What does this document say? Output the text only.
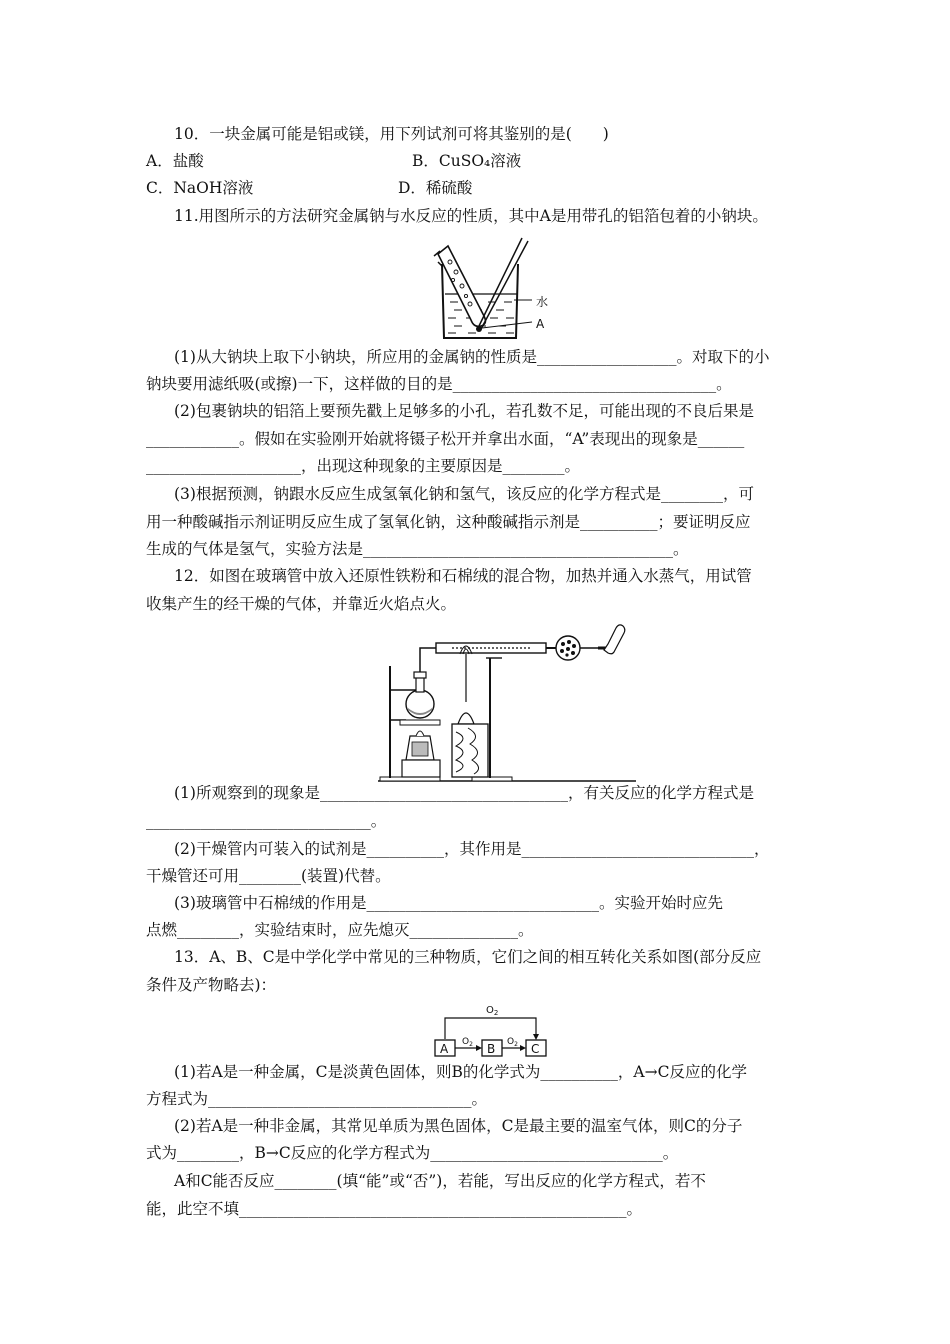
10．一块金属可能是铝或镁，用下列试剂可将其鉴别的是(　　)
A．盐酸	B．CuSO₄溶液
C．NaOH溶液	D．稀硫酸
11.用图所示的方法研究金属钠与水反应的性质，其中A是用带孔的铝箔包着的小钠块。
水
A
(1)从大钠块上取下小钠块，所应用的金属钠的性质是__________________。对取下的小
钠块要用滤纸吸(或擦)一下，这样做的目的是__________________________________。
(2)包裹钠块的铝箔上要预先戳上足够多的小孔，若孔数不足，可能出现的不良后果是
____________。假如在实验刚开始就将镊子松开并拿出水面，“A”表现出的现象是______
____________________，出现这种现象的主要原因是________。
(3)根据预测，钠跟水反应生成氢氧化钠和氢气，该反应的化学方程式是________，可
用一种酸碱指示剂证明反应生成了氢氧化钠，这种酸碱指示剂是__________；要证明反应
生成的气体是氢气，实验方法是________________________________________。
12．如图在玻璃管中放入还原性铁粉和石棉绒的混合物，加热并通入水蒸气，用试管
收集产生的经干燥的气体，并靠近火焰点火。
(1)所观察到的现象是________________________________，有关反应的化学方程式是
_____________________________。
(2)干燥管内可装入的试剂是__________，其作用是______________________________，
干燥管还可用________(装置)代替。
(3)玻璃管中石棉绒的作用是______________________________。实验开始时应先
点燃________，实验结束时，应先熄灭______________。
13．A、B、C是中学化学中常见的三种物质，它们之间的相互转化关系如图(部分反应
条件及产物略去)：
$O_2$
A	B	C
$O_2$	$O_2$
(1)若A是一种金属，C是淡黄色固体，则B的化学式为__________，A→C反应的化学
方程式为__________________________________。
(2)若A是一种非金属，其常见单质为黑色固体，C是最主要的温室气体，则C的分子
式为________，B→C反应的化学方程式为______________________________。
A和C能否反应________(填“能”或“否”)，若能，写出反应的化学方程式，若不
能，此空不填__________________________________________________。
